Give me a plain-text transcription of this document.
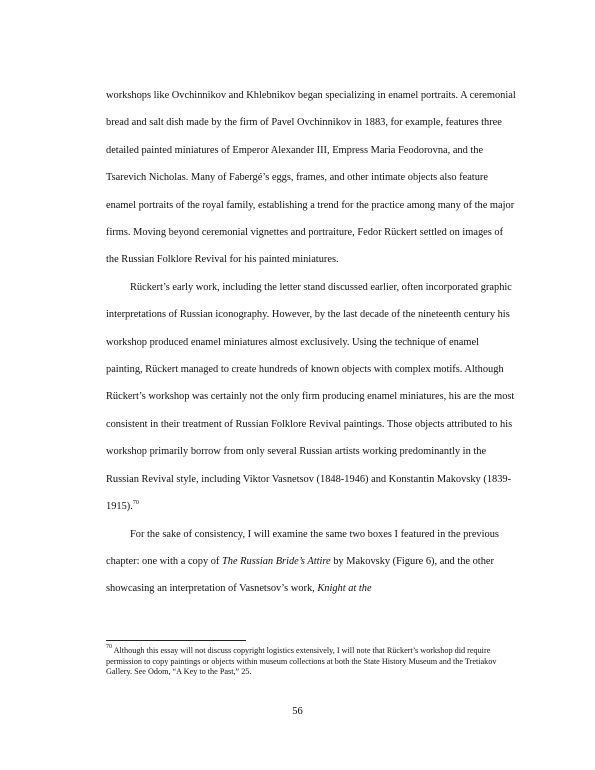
workshops like Ovchinnikov and Khlebnikov began specializing in enamel portraits. A ceremonial bread and salt dish made by the firm of Pavel Ovchinnikov in 1883, for example, features three detailed painted miniatures of Emperor Alexander III, Empress Maria Feodorovna, and the Tsarevich Nicholas. Many of Fabergé’s eggs, frames, and other intimate objects also feature enamel portraits of the royal family, establishing a trend for the practice among many of the major firms. Moving beyond ceremonial vignettes and portraiture, Fedor Rückert settled on images of the Russian Folklore Revival for his painted miniatures.

Rückert’s early work, including the letter stand discussed earlier, often incorporated graphic interpretations of Russian iconography. However, by the last decade of the nineteenth century his workshop produced enamel miniatures almost exclusively. Using the technique of enamel painting, Rückert managed to create hundreds of known objects with complex motifs. Although Rückert’s workshop was certainly not the only firm producing enamel miniatures, his are the most consistent in their treatment of Russian Folklore Revival paintings. Those objects attributed to his workshop primarily borrow from only several Russian artists working predominantly in the Russian Revival style, including Viktor Vasnetsov (1848-1946) and Konstantin Makovsky (1839-1915).$^{70}$

For the sake of consistency, I will examine the same two boxes I featured in the previous chapter: one with a copy of The Russian Bride’s Attire by Makovsky (Figure 6), and the other showcasing an interpretation of Vasnetsov’s work, Knight at the

$^{70}$ Although this essay will not discuss copyright logistics extensively, I will note that Rückert’s workshop did require permission to copy paintings or objects within museum collections at both the State History Museum and the Tretiakov Gallery. See Odom, “A Key to the Past,” 25.

56
